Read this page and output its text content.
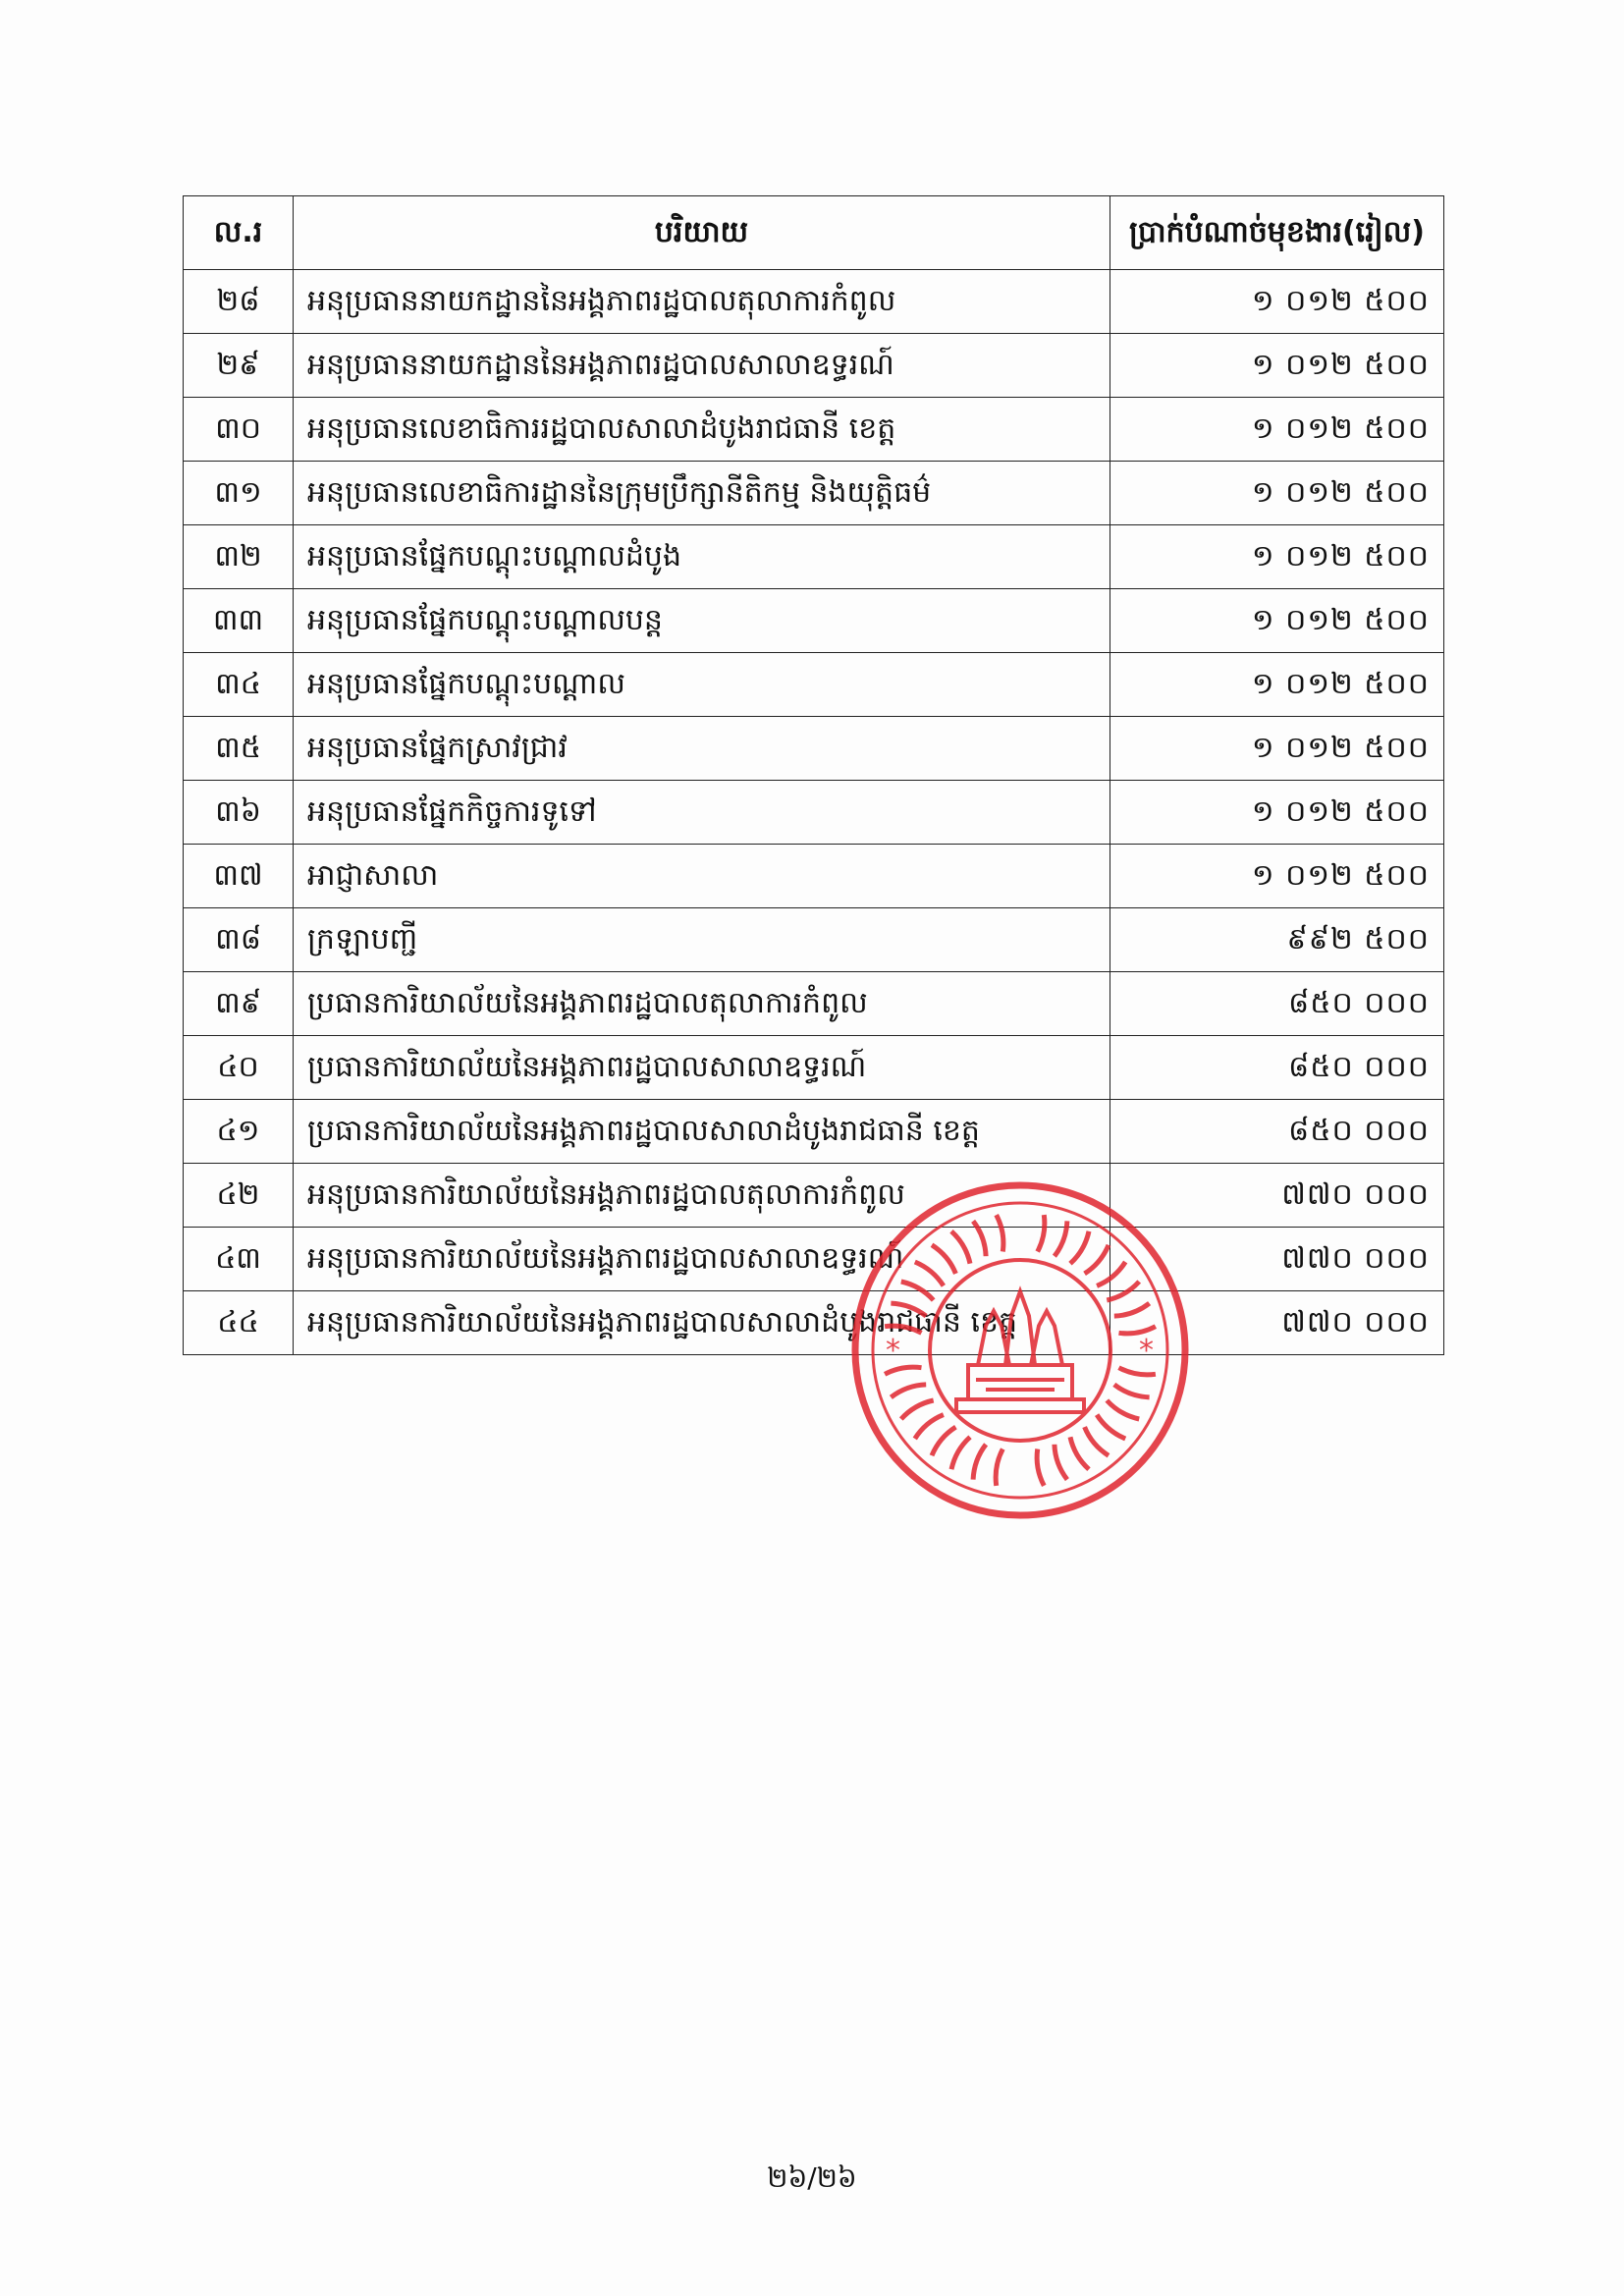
ល.រ	បរិយាយ	ប្រាក់បំណាច់មុខងារ(រៀល)
២៨	អនុប្រធាននាយកដ្ឋាននៃអង្គភាពរដ្ឋបាលតុលាការកំពូល	១ ០១២ ៥០០
២៩	អនុប្រធាននាយកដ្ឋាននៃអង្គភាពរដ្ឋបាលសាលាឧទ្ធរណ៍	១ ០១២ ៥០០
៣០	អនុប្រធានលេខាធិការរដ្ឋបាលសាលាដំបូងរាជធានី ខេត្ត	១ ០១២ ៥០០
៣១	អនុប្រធានលេខាធិការដ្ឋាននៃក្រុមប្រឹក្សានីតិកម្ម និងយុត្តិធម៌	១ ០១២ ៥០០
៣២	អនុប្រធានផ្នែកបណ្ដុះបណ្ដាលដំបូង	១ ០១២ ៥០០
៣៣	អនុប្រធានផ្នែកបណ្ដុះបណ្ដាលបន្ត	១ ០១២ ៥០០
៣៤	អនុប្រធានផ្នែកបណ្ដុះបណ្ដាល	១ ០១២ ៥០០
៣៥	អនុប្រធានផ្នែកស្រាវជ្រាវ	១ ០១២ ៥០០
៣៦	អនុប្រធានផ្នែកកិច្ចការទូទៅ	១ ០១២ ៥០០
៣៧	អាជ្ញាសាលា	១ ០១២ ៥០០
៣៨	ក្រឡាបញ្ជី	៩៩២ ៥០០
៣៩	ប្រធានការិយាល័យនៃអង្គភាពរដ្ឋបាលតុលាការកំពូល	៨៥០ ០០០
៤០	ប្រធានការិយាល័យនៃអង្គភាពរដ្ឋបាលសាលាឧទ្ធរណ៍	៨៥០ ០០០
៤១	ប្រធានការិយាល័យនៃអង្គភាពរដ្ឋបាលសាលាដំបូងរាជធានី ខេត្ត	៨៥០ ០០០
៤២	អនុប្រធានការិយាល័យនៃអង្គភាពរដ្ឋបាលតុលាការកំពូល	៧៧០ ០០០
៤៣	អនុប្រធានការិយាល័យនៃអង្គភាពរដ្ឋបាលសាលាឧទ្ធរណ៍	៧៧០ ០០០
៤៤	អនុប្រធានការិយាល័យនៃអង្គភាពរដ្ឋបាលសាលាដំបូងរាជធានី ខេត្ត	៧៧០ ០០០
*	*
២៦/២៦
